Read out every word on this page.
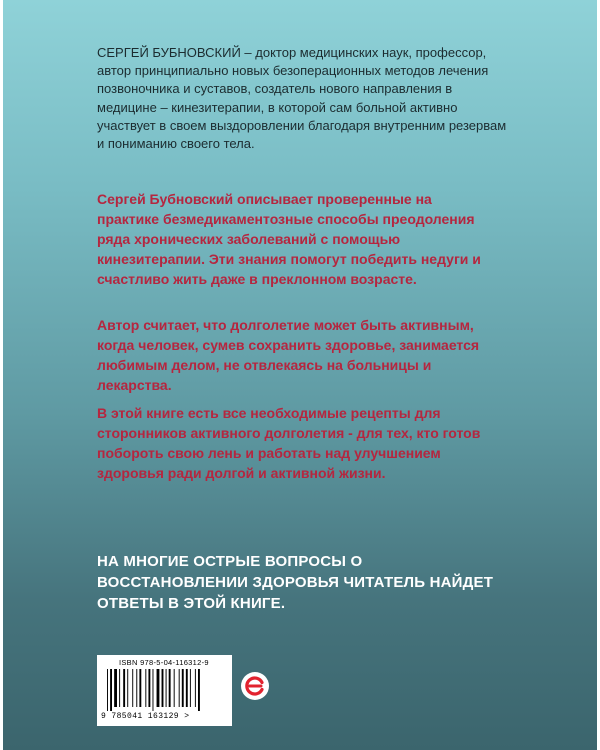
СЕРГЕЙ БУБНОВСКИЙ – доктор медицинских наук, профессор, автор принципиально новых безоперационных методов лечения позвоночника и суставов, создатель нового направления в медицине – кинезитерапии, в которой сам больной активно участвует в своем выздоровлении благодаря внутренним резервам и пониманию своего тела.

Сергей Бубновский описывает проверенные на практике безмедикаментозные способы преодоления ряда хронических заболеваний с помощью кинезитерапии. Эти знания помогут победить недуги и счастливо жить даже в преклонном возрасте.

Автор считает, что долголетие может быть активным, когда человек, сумев сохранить здоровье, занимается любимым делом, не отвлекаясь на больницы и лекарства.

В этой книге есть все необходимые рецепты для сторонников активного долголетия - для тех, кто готов побороть свою лень и работать над улучшением здоровья ради долгой и активной жизни.

НА МНОГИЕ ОСТРЫЕ ВОПРОСЫ О ВОССТАНОВЛЕНИИ ЗДОРОВЬЯ ЧИТАТЕЛЬ НАЙДЕТ ОТВЕТЫ В ЭТОЙ КНИГЕ.

ISBN 978-5-04-116312-9
9 785041 163129 >
